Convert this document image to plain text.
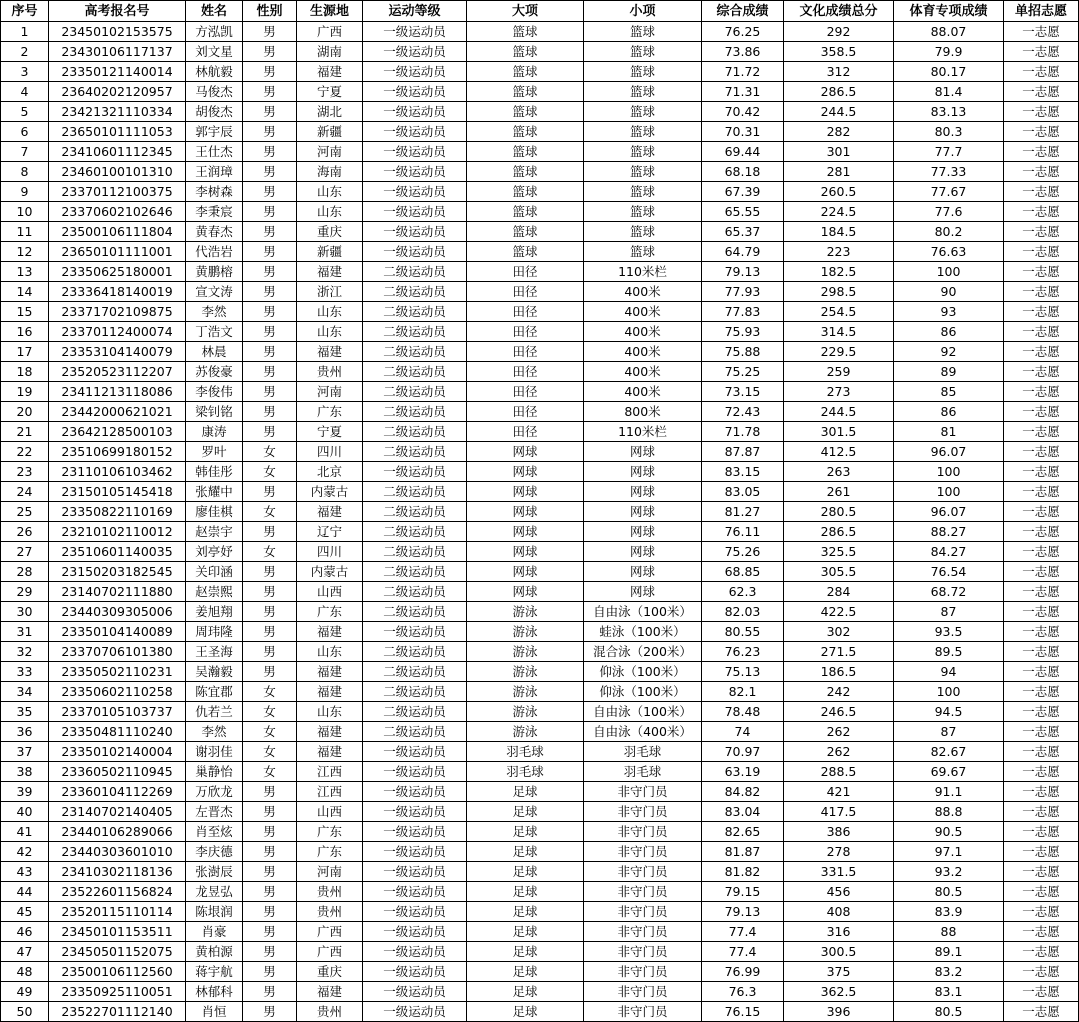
序号	高考报名号	姓名	性别	生源地	运动等级	大项	小项	综合成绩	文化成绩总分	体育专项成绩	单招志愿
1	23450102153575	方泓凯	男	广西	一级运动员	篮球	篮球	76.25	292	88.07	一志愿
2	23430106117137	刘文星	男	湖南	一级运动员	篮球	篮球	73.86	358.5	79.9	一志愿
3	23350121140014	林航毅	男	福建	一级运动员	篮球	篮球	71.72	312	80.17	一志愿
4	23640202120957	马俊杰	男	宁夏	一级运动员	篮球	篮球	71.31	286.5	81.4	一志愿
5	23421321110334	胡俊杰	男	湖北	一级运动员	篮球	篮球	70.42	244.5	83.13	一志愿
6	23650101111053	郭宇辰	男	新疆	一级运动员	篮球	篮球	70.31	282	80.3	一志愿
7	23410601112345	王仕杰	男	河南	一级运动员	篮球	篮球	69.44	301	77.7	一志愿
8	23460100101310	王润璋	男	海南	一级运动员	篮球	篮球	68.18	281	77.33	一志愿
9	23370112100375	李树森	男	山东	一级运动员	篮球	篮球	67.39	260.5	77.67	一志愿
10	23370602102646	李秉宸	男	山东	一级运动员	篮球	篮球	65.55	224.5	77.6	一志愿
11	23500106111804	黄春杰	男	重庆	一级运动员	篮球	篮球	65.37	184.5	80.2	一志愿
12	23650101111001	代浩岩	男	新疆	一级运动员	篮球	篮球	64.79	223	76.63	一志愿
13	23350625180001	黄鹏榕	男	福建	二级运动员	田径	110米栏	79.13	182.5	100	一志愿
14	23336418140019	宣文涛	男	浙江	二级运动员	田径	400米	77.93	298.5	90	一志愿
15	23371702109875	李然	男	山东	二级运动员	田径	400米	77.83	254.5	93	一志愿
16	23370112400074	丁浩文	男	山东	二级运动员	田径	400米	75.93	314.5	86	一志愿
17	23353104140079	林晨	男	福建	二级运动员	田径	400米	75.88	229.5	92	一志愿
18	23520523112207	苏俊豪	男	贵州	二级运动员	田径	400米	75.25	259	89	一志愿
19	23411213118086	李俊伟	男	河南	二级运动员	田径	400米	73.15	273	85	一志愿
20	23442000621021	梁钊铭	男	广东	二级运动员	田径	800米	72.43	244.5	86	一志愿
21	23642128500103	康涛	男	宁夏	二级运动员	田径	110米栏	71.78	301.5	81	一志愿
22	23510699180152	罗叶	女	四川	二级运动员	网球	网球	87.87	412.5	96.07	一志愿
23	23110106103462	韩佳彤	女	北京	一级运动员	网球	网球	83.15	263	100	一志愿
24	23150105145418	张耀中	男	内蒙古	二级运动员	网球	网球	83.05	261	100	一志愿
25	23350822110169	廖佳棋	女	福建	二级运动员	网球	网球	81.27	280.5	96.07	一志愿
26	23210102110012	赵崇宇	男	辽宁	二级运动员	网球	网球	76.11	286.5	88.27	一志愿
27	23510601140035	刘亭妤	女	四川	二级运动员	网球	网球	75.26	325.5	84.27	一志愿
28	23150203182545	关印涵	男	内蒙古	二级运动员	网球	网球	68.85	305.5	76.54	一志愿
29	23140702111880	赵崇熙	男	山西	二级运动员	网球	网球	62.3	284	68.72	一志愿
30	23440309305006	姜旭翔	男	广东	二级运动员	游泳	自由泳（100米）	82.03	422.5	87	一志愿
31	23350104140089	周玮隆	男	福建	一级运动员	游泳	蛙泳（100米）	80.55	302	93.5	一志愿
32	23370706101380	王圣海	男	山东	二级运动员	游泳	混合泳（200米）	76.23	271.5	89.5	一志愿
33	23350502110231	吴瀚毅	男	福建	二级运动员	游泳	仰泳（100米）	75.13	186.5	94	一志愿
34	23350602110258	陈宜郡	女	福建	二级运动员	游泳	仰泳（100米）	82.1	242	100	一志愿
35	23370105103737	仇若兰	女	山东	二级运动员	游泳	自由泳（100米）	78.48	246.5	94.5	一志愿
36	23350481110240	李然	女	福建	二级运动员	游泳	自由泳（400米）	74	262	87	一志愿
37	23350102140004	谢羽佳	女	福建	一级运动员	羽毛球	羽毛球	70.97	262	82.67	一志愿
38	23360502110945	巢静怡	女	江西	一级运动员	羽毛球	羽毛球	63.19	288.5	69.67	一志愿
39	23360104112269	万欣龙	男	江西	一级运动员	足球	非守门员	84.82	421	91.1	一志愿
40	23140702140405	左晋杰	男	山西	一级运动员	足球	非守门员	83.04	417.5	88.8	一志愿
41	23440106289066	肖至炫	男	广东	一级运动员	足球	非守门员	82.65	386	90.5	一志愿
42	23440303601010	李庆德	男	广东	一级运动员	足球	非守门员	81.87	278	97.1	一志愿
43	23410302118136	张澍辰	男	河南	一级运动员	足球	非守门员	81.82	331.5	93.2	一志愿
44	23522601156824	龙昱弘	男	贵州	一级运动员	足球	非守门员	79.15	456	80.5	一志愿
45	23520115110114	陈垠润	男	贵州	一级运动员	足球	非守门员	79.13	408	83.9	一志愿
46	23450101153511	肖豪	男	广西	一级运动员	足球	非守门员	77.4	316	88	一志愿
47	23450501152075	黄柏源	男	广西	一级运动员	足球	非守门员	77.4	300.5	89.1	一志愿
48	23500106112560	蒋宇航	男	重庆	一级运动员	足球	非守门员	76.99	375	83.2	一志愿
49	23350925110051	林郁科	男	福建	一级运动员	足球	非守门员	76.3	362.5	83.1	一志愿
50	23522701112140	肖恒	男	贵州	一级运动员	足球	非守门员	76.15	396	80.5	一志愿
